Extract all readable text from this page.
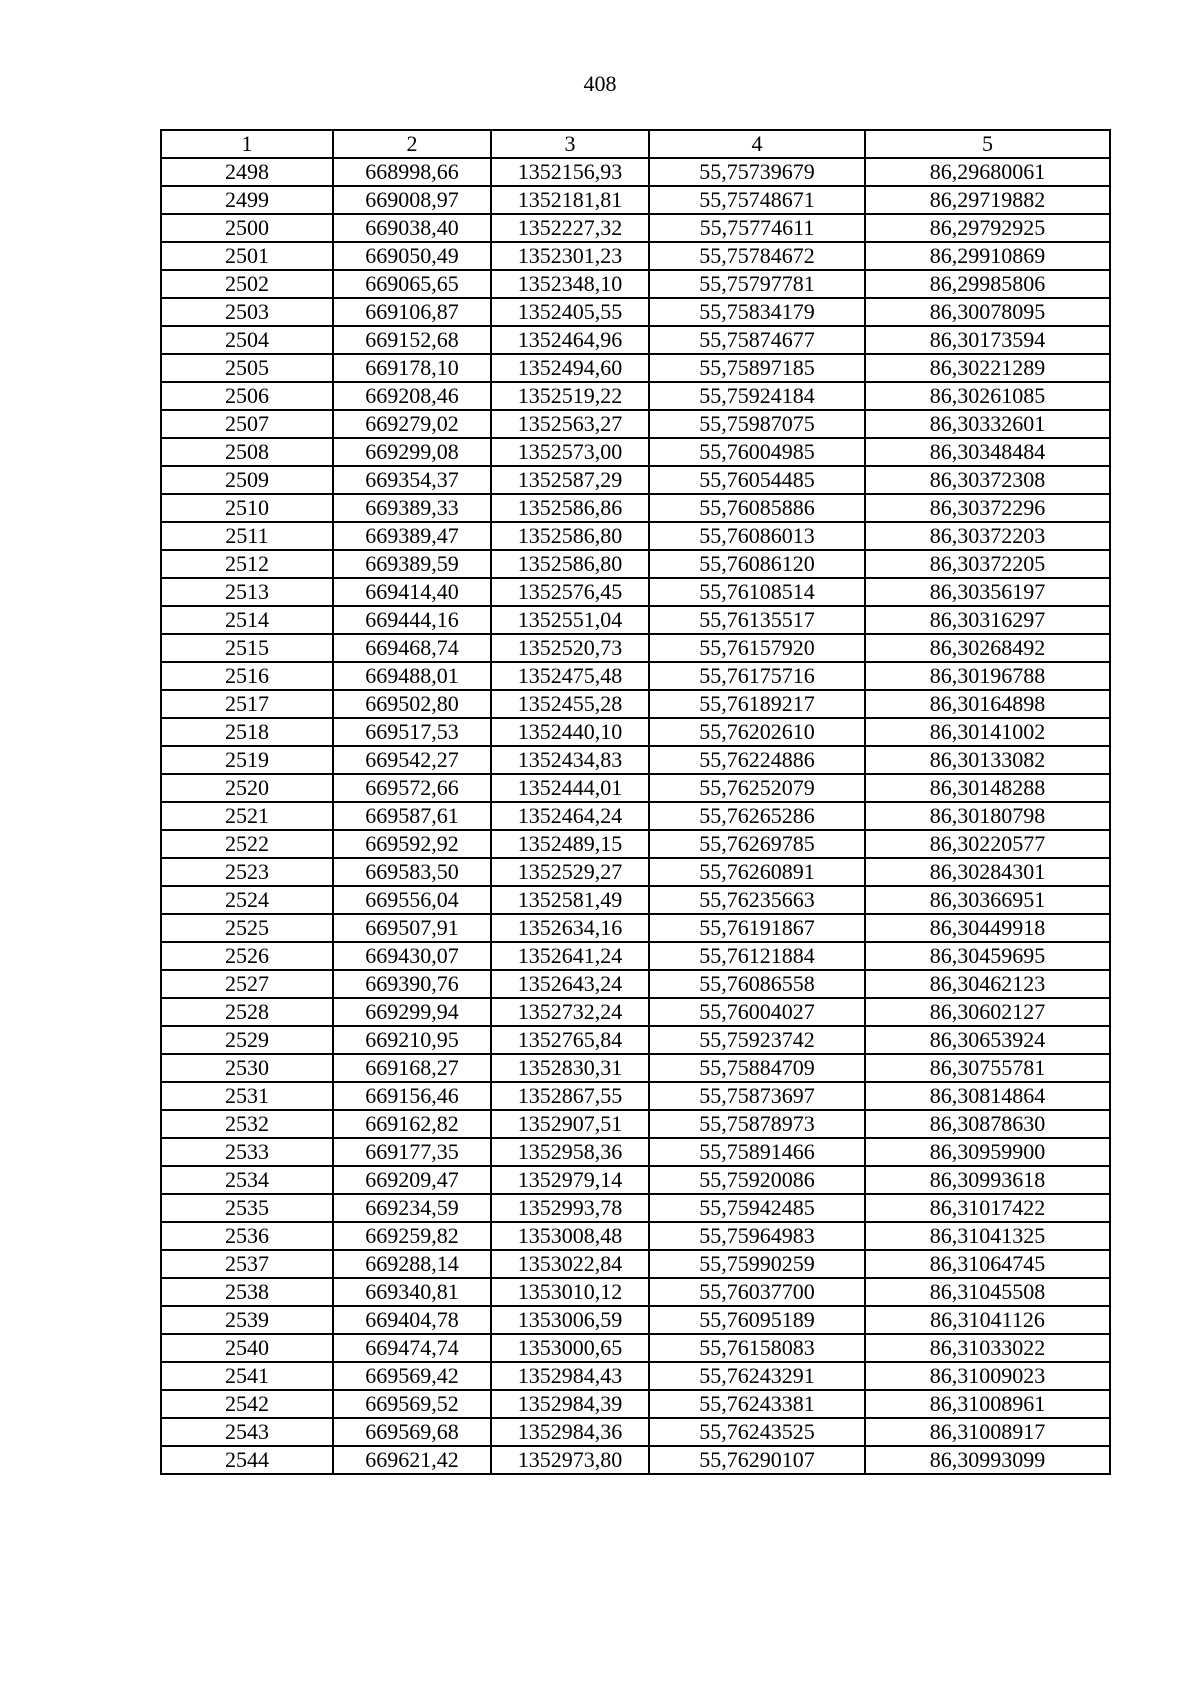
408
1	2	3	4	5
2498	668998,66	1352156,93	55,75739679	86,29680061
2499	669008,97	1352181,81	55,75748671	86,29719882
2500	669038,40	1352227,32	55,75774611	86,29792925
2501	669050,49	1352301,23	55,75784672	86,29910869
2502	669065,65	1352348,10	55,75797781	86,29985806
2503	669106,87	1352405,55	55,75834179	86,30078095
2504	669152,68	1352464,96	55,75874677	86,30173594
2505	669178,10	1352494,60	55,75897185	86,30221289
2506	669208,46	1352519,22	55,75924184	86,30261085
2507	669279,02	1352563,27	55,75987075	86,30332601
2508	669299,08	1352573,00	55,76004985	86,30348484
2509	669354,37	1352587,29	55,76054485	86,30372308
2510	669389,33	1352586,86	55,76085886	86,30372296
2511	669389,47	1352586,80	55,76086013	86,30372203
2512	669389,59	1352586,80	55,76086120	86,30372205
2513	669414,40	1352576,45	55,76108514	86,30356197
2514	669444,16	1352551,04	55,76135517	86,30316297
2515	669468,74	1352520,73	55,76157920	86,30268492
2516	669488,01	1352475,48	55,76175716	86,30196788
2517	669502,80	1352455,28	55,76189217	86,30164898
2518	669517,53	1352440,10	55,76202610	86,30141002
2519	669542,27	1352434,83	55,76224886	86,30133082
2520	669572,66	1352444,01	55,76252079	86,30148288
2521	669587,61	1352464,24	55,76265286	86,30180798
2522	669592,92	1352489,15	55,76269785	86,30220577
2523	669583,50	1352529,27	55,76260891	86,30284301
2524	669556,04	1352581,49	55,76235663	86,30366951
2525	669507,91	1352634,16	55,76191867	86,30449918
2526	669430,07	1352641,24	55,76121884	86,30459695
2527	669390,76	1352643,24	55,76086558	86,30462123
2528	669299,94	1352732,24	55,76004027	86,30602127
2529	669210,95	1352765,84	55,75923742	86,30653924
2530	669168,27	1352830,31	55,75884709	86,30755781
2531	669156,46	1352867,55	55,75873697	86,30814864
2532	669162,82	1352907,51	55,75878973	86,30878630
2533	669177,35	1352958,36	55,75891466	86,30959900
2534	669209,47	1352979,14	55,75920086	86,30993618
2535	669234,59	1352993,78	55,75942485	86,31017422
2536	669259,82	1353008,48	55,75964983	86,31041325
2537	669288,14	1353022,84	55,75990259	86,31064745
2538	669340,81	1353010,12	55,76037700	86,31045508
2539	669404,78	1353006,59	55,76095189	86,31041126
2540	669474,74	1353000,65	55,76158083	86,31033022
2541	669569,42	1352984,43	55,76243291	86,31009023
2542	669569,52	1352984,39	55,76243381	86,31008961
2543	669569,68	1352984,36	55,76243525	86,31008917
2544	669621,42	1352973,80	55,76290107	86,30993099
